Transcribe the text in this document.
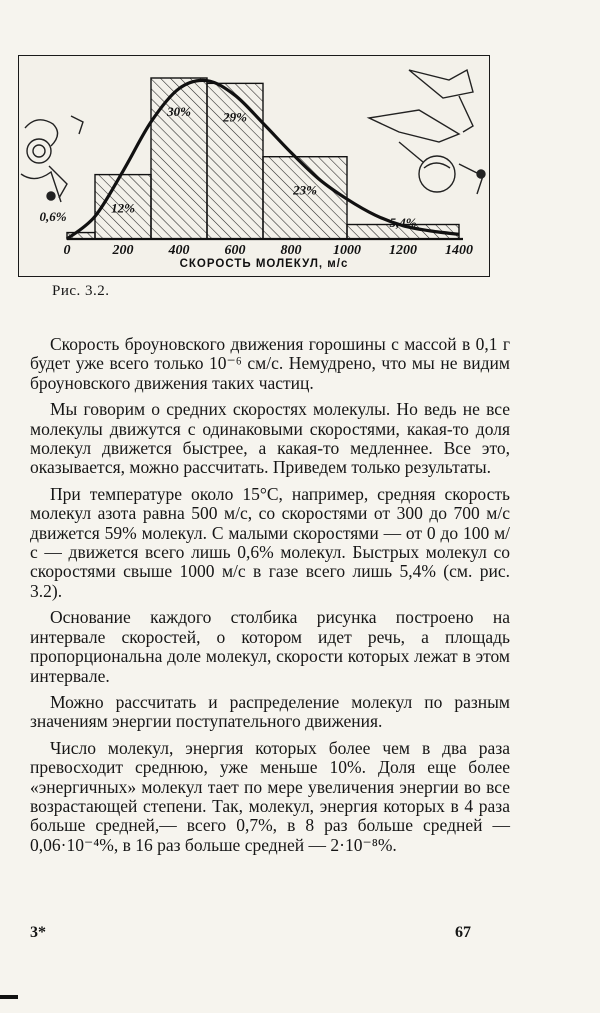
0,6%
12%
30% 29%
23%
5,4%
0	200	400	600	800 1000 1200 1400
СКОРОСТЬ МОЛЕКУЛ, м/с
Рис. 3.2.

Скорость броуновского движения горошины с массой в 0,1 г будет уже всего только 10⁻⁶ см/с. Немудрено, что мы не видим броуновского движения таких частиц.

Мы говорим о средних скоростях молекулы. Но ведь не все молекулы движутся с одинаковыми скоростями, какая-то доля молекул движется быстрее, а какая-то медленнее. Все это, оказывается, можно рассчитать. Приведем только результаты.

При температуре около 15°С, например, средняя скорость молекул азота равна 500 м/с, со скоростями от 300 до 700 м/с движется 59% молекул. С малыми скоростями — от 0 до 100 м/с — движется всего лишь 0,6% молекул. Быстрых молекул со скоростями свыше 1000 м/с в газе всего лишь 5,4% (см. рис. 3.2).

Основание каждого столбика рисунка построено на интервале скоростей, о котором идет речь, а площадь пропорциональна доле молекул, скорости которых лежат в этом интервале.

Можно рассчитать и распределение молекул по разным значениям энергии поступательного движения.

Число молекул, энергия которых более чем в два раза превосходит среднюю, уже меньше 10%. Доля еще более «энергичных» молекул тает по мере увеличения энергии во все возрастающей степени. Так, молекул, энергия которых в 4 раза больше средней,— всего 0,7%, в 8 раз больше средней — 0,06·10⁻⁴%, в 16 раз больше средней — 2·10⁻⁸%.

3*	67
